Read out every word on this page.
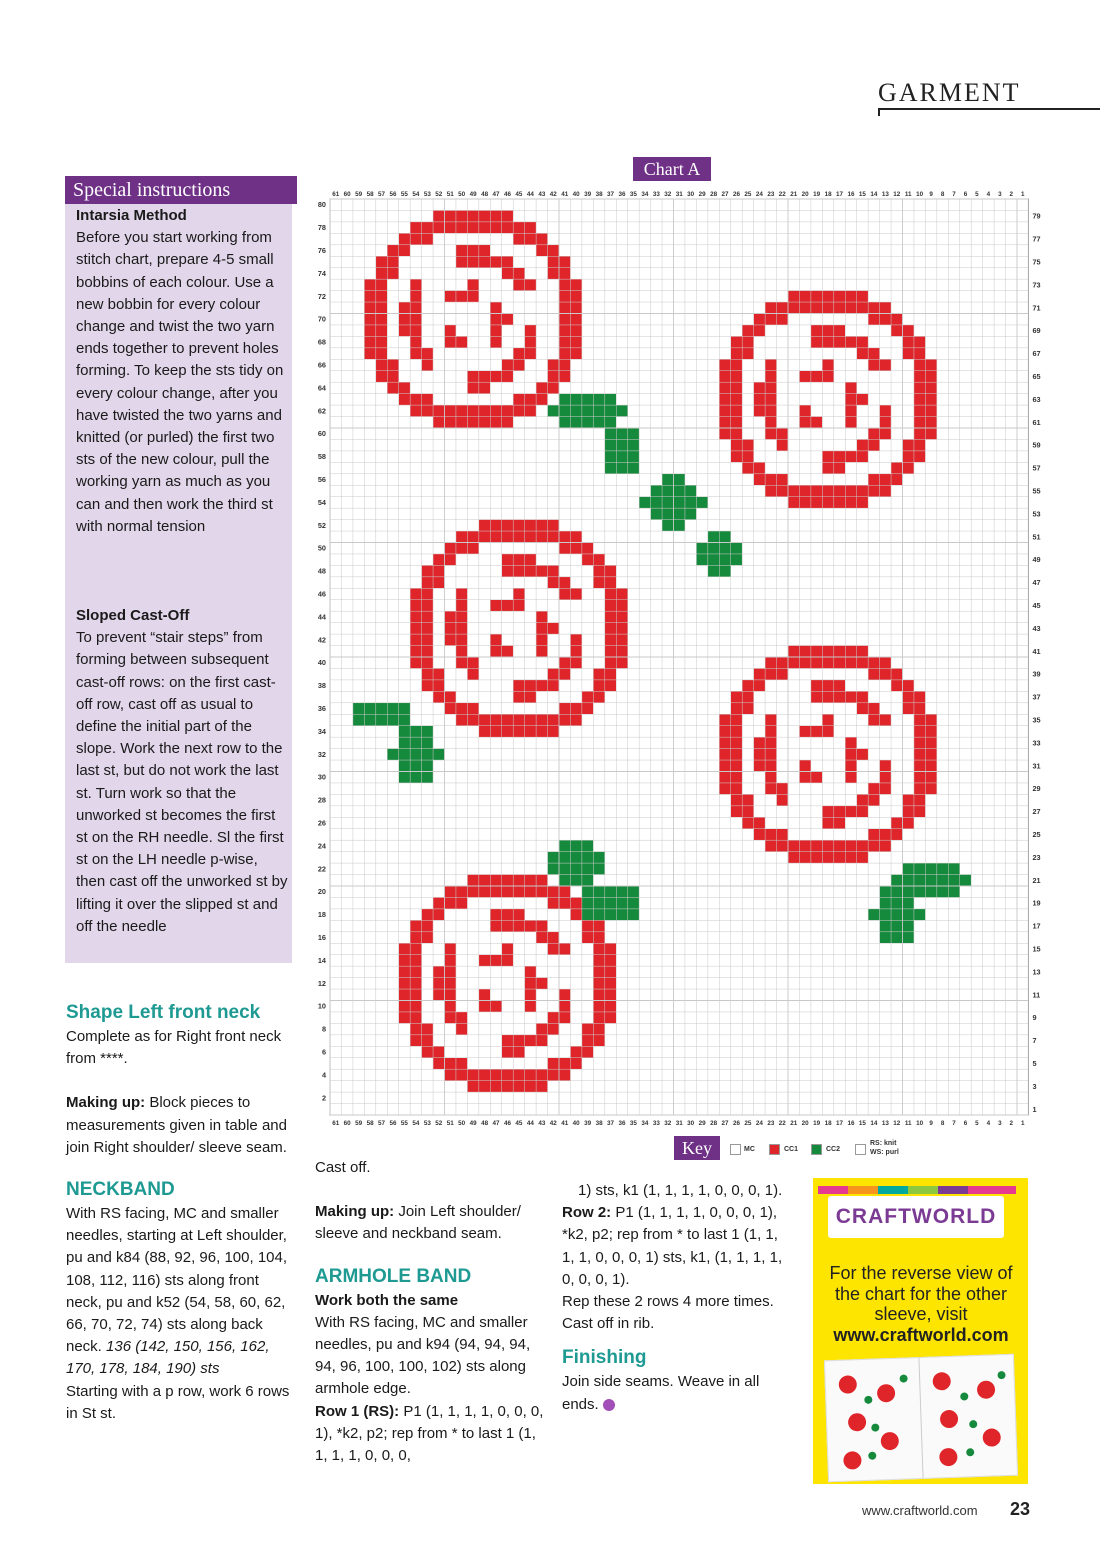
GARMENT
Special instructions

Intarsia Method

Before you start working from stitch chart, prepare 4-5 small bobbins of each colour. Use a new bobbin for every colour change and twist the two yarn ends together to prevent holes forming. To keep the sts tidy on every colour change, after you have twisted the two yarns and knitted (or purled) the first two sts of the new colour, pull the working yarn as much as you can and then work the third st with normal tension

Sloped Cast-Off

To prevent “stair steps” from forming between subsequent cast-off rows: on the first cast-off row, cast off as usual to define the initial part of the slope. Work the next row to the last st, but do not work the last st. Turn work so that the unworked st becomes the first st on the RH needle. Sl the first st on the LH needle p-wise, then cast off the unworked st by lifting it over the slipped st and off the needle

Chart A
1
1
2
2
3
3
4
4
5
5
6
6
7
7
8
8
9
9
10
10
11
11
12
12
13
13
14
14
15
15
16
16
17
17
18
18
19
19
20
20
21
21
22
22
23
23
24
24
25
25
26
26
27
27
28
28
29
29
30
30
31
31
32
32
33
33
34
34
35
35
36
36
37
37
38
38
39
39
40
40
41
41
42
42
43
43
44
44
45
45
46
46
47
47
48
48
49
49
50
50
51
51
52
52
53
53
54
54
55
55
56
56
57
57
58
58
59
59
60
60
61
61
1
2
3
4
5
6
7
8
9
10
11
12
13
14
15
16
17
18
19
20
21
22
23
24
25
26
27
28
29
30
31
32
33
34
35
36
37
38
39
40
41
42
43
44
45
46
47
48
49
50
51
52
53
54
55
56
57
58
59
60
61
62
63
64
65
66
67
68
69
70
71
72
73
74
75
76
77
78
79
80
Key	MC	CC1	CC2
RS: knit WS: purl

Shape Left front neck

Complete as for Right front neck from ****.

Making up: Block pieces to measurements given in table and join Right shoulder/ sleeve seam.

NECKBAND

With RS facing, MC and smaller needles, starting at Left shoulder, pu and k84 (88, 92, 96, 100, 104, 108, 112, 116) sts along front neck, pu and k52 (54, 58, 60, 62, 66, 70, 72, 74) sts along back neck. 136 (142, 150, 156, 162, 170, 178, 184, 190) sts

Starting with a p row, work 6 rows in St st.

Cast off.

Making up: Join Left shoulder/ sleeve and neckband seam.

ARMHOLE BAND

Work both the same

With RS facing, MC and smaller needles, pu and k94 (94, 94, 94, 94, 96, 100, 100, 102) sts along armhole edge.

Row 1 (RS): P1 (1, 1, 1, 1, 0, 0, 0, 1), *k2, p2; rep from * to last 1 (1, 1, 1, 1, 0, 0, 0,

1) sts, k1 (1, 1, 1, 1, 0, 0, 0, 1).

Row 2: P1 (1, 1, 1, 1, 0, 0, 0, 1), *k2, p2; rep from * to last 1 (1, 1, 1, 1, 0, 0, 0, 1) sts, k1, (1, 1, 1, 1, 0, 0, 0, 1).

Rep these 2 rows 4 more times.

Cast off in rib.

Finishing

Join side seams. Weave in all ends.

CRAFTWORLD

For the reverse view of the chart for the other sleeve, visit

www.craftworld.com

www.craftworld.com 23
